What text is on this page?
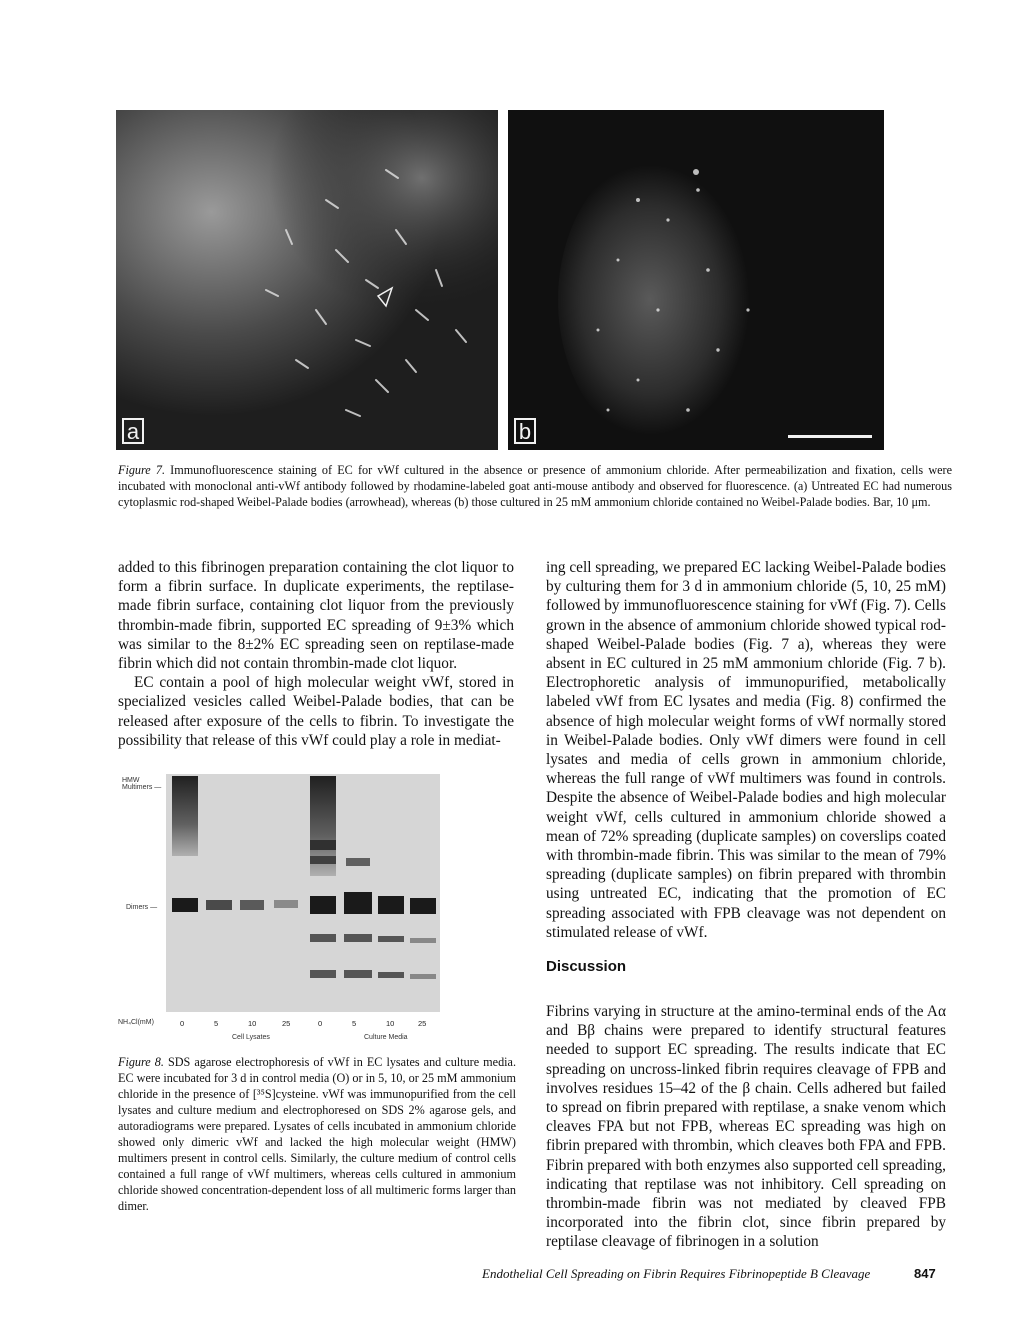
a	b
Figure 7. Immunofluorescence staining of EC for vWf cultured in the absence or presence of ammonium chloride. After permeabilization and fixation, cells were incubated with monoclonal anti-vWf antibody followed by rhodamine-labeled goat anti-mouse antibody and observed for fluorescence. (a) Untreated EC had numerous cytoplasmic rod-shaped Weibel-Palade bodies (arrowhead), whereas (b) those cultured in 25 mM ammonium chloride contained no Weibel-Palade bodies. Bar, 10 μm.

added to this fibrinogen preparation containing the clot liquor to form a fibrin surface. In duplicate experiments, the reptilase-made fibrin surface, containing clot liquor from the previously thrombin-made fibrin, supported EC spreading of 9±3% which was similar to the 8±2% EC spreading seen on reptilase-made fibrin which did not contain thrombin-made clot liquor.

EC contain a pool of high molecular weight vWf, stored in specialized vesicles called Weibel-Palade bodies, that can be released after exposure of the cells to fibrin. To investigate the possibility that release of this vWf could play a role in mediat-

HMW Multimers —
Dimers —
NH₄Cl(mM)	0	5	10	25	0	5	10	25
Cell Lysates	Culture Media
Figure 8. SDS agarose electrophoresis of vWf in EC lysates and culture media. EC were incubated for 3 d in control media (O) or in 5, 10, or 25 mM ammonium chloride in the presence of [³⁵S]cysteine. vWf was immunopurified from the cell lysates and culture medium and electrophoresed on SDS 2% agarose gels, and autoradiograms were prepared. Lysates of cells incubated in ammonium chloride showed only dimeric vWf and lacked the high molecular weight (HMW) multimers present in control cells. Similarly, the culture medium of control cells contained a full range of vWf multimers, whereas cells cultured in ammonium chloride showed concentration-dependent loss of all multimeric forms larger than dimer.

ing cell spreading, we prepared EC lacking Weibel-Palade bodies by culturing them for 3 d in ammonium chloride (5, 10, 25 mM) followed by immunofluorescence staining for vWf (Fig. 7). Cells grown in the absence of ammonium chloride showed typical rod-shaped Weibel-Palade bodies (Fig. 7 a), whereas they were absent in EC cultured in 25 mM ammonium chloride (Fig. 7 b). Electrophoretic analysis of immunopurified, metabolically labeled vWf from EC lysates and media (Fig. 8) confirmed the absence of high molecular weight forms of vWf normally stored in Weibel-Palade bodies. Only vWf dimers were found in cell lysates and media of cells grown in ammonium chloride, whereas the full range of vWf multimers was found in controls. Despite the absence of Weibel-Palade bodies and high molecular weight vWf, cells cultured in ammonium chloride showed a mean of 72% spreading (duplicate samples) on coverslips coated with thrombin-made fibrin. This was similar to the mean of 79% spreading (duplicate samples) on fibrin prepared with thrombin using untreated EC, indicating that the promotion of EC spreading associated with FPB cleavage was not dependent on stimulated release of vWf.

Discussion

Fibrins varying in structure at the amino-terminal ends of the Aα and Bβ chains were prepared to identify structural features needed to support EC spreading. The results indicate that EC spreading on uncross-linked fibrin requires cleavage of FPB and involves residues 15–42 of the β chain. Cells adhered but failed to spread on fibrin prepared with reptilase, a snake venom which cleaves FPA but not FPB, whereas EC spreading was high on fibrin prepared with thrombin, which cleaves both FPA and FPB. Fibrin prepared with both enzymes also supported cell spreading, indicating that reptilase was not inhibitory. Cell spreading on thrombin-made fibrin was not mediated by cleaved FPB incorporated into the fibrin clot, since fibrin prepared by reptilase cleavage of fibrinogen in a solution

Endothelial Cell Spreading on Fibrin Requires Fibrinopeptide B Cleavage	847
